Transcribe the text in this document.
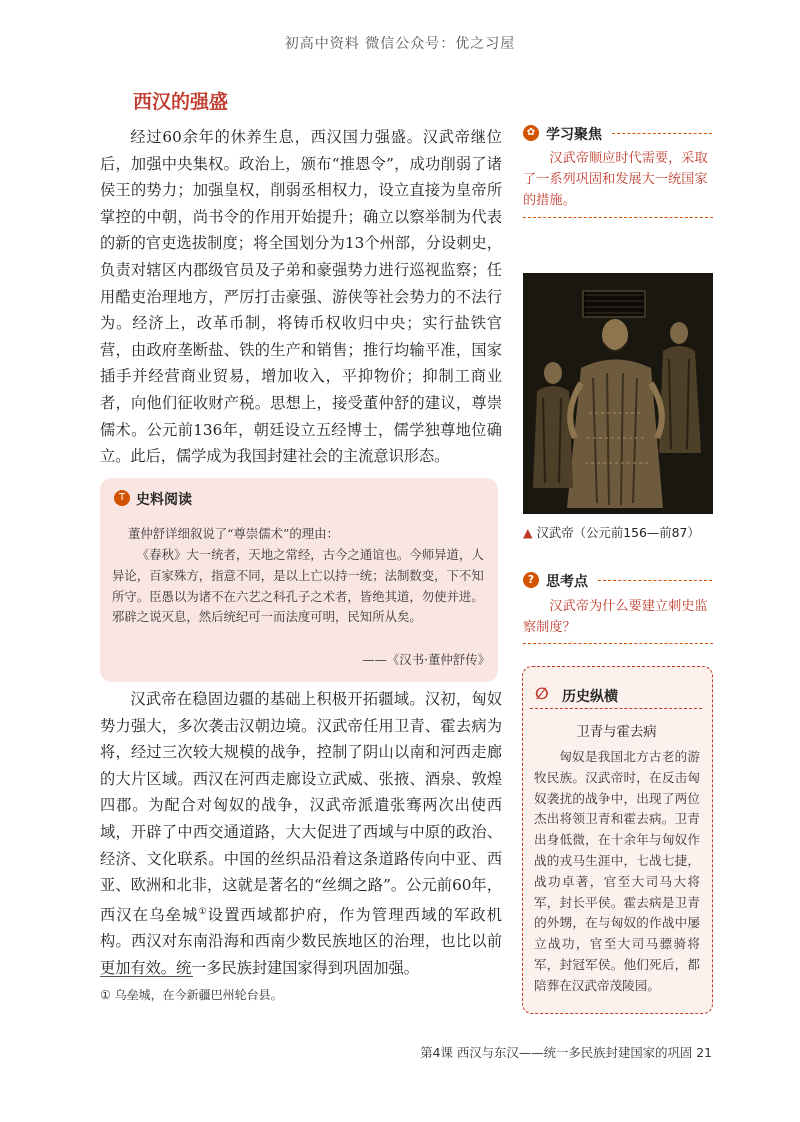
初高中资料 微信公众号：优之习屋
西汉的强盛

经过60余年的休养生息，西汉国力强盛。汉武帝继位后，加强中央集权。政治上，颁布“推恩令”，成功削弱了诸侯王的势力；加强皇权，削弱丞相权力，设立直接为皇帝所掌控的中朝，尚书令的作用开始提升；确立以察举制为代表的新的官吏选拔制度；将全国划分为13个州部，分设刺史，负责对辖区内郡级官员及子弟和豪强势力进行巡视监察；任用酷吏治理地方，严厉打击豪强、游侠等社会势力的不法行为。经济上，改革币制，将铸币权收归中央；实行盐铁官营，由政府垄断盐、铁的生产和销售；推行均输平准，国家插手并经营商业贸易，增加收入，平抑物价；抑制工商业者，向他们征收财产税。思想上，接受董仲舒的建议，尊崇儒术。公元前136年，朝廷设立五经博士，儒学独尊地位确立。此后，儒学成为我国封建社会的主流意识形态。

T 史料阅读
董仲舒详细叙说了“尊崇儒术”的理由：
《春秋》大一统者，天地之常经，古今之通谊也。今师异道，人异论，百家殊方，指意不同，是以上亡以持一统；法制数变，下不知所守。臣愚以为诸不在六艺之科孔子之术者，皆绝其道，勿使并进。邪辟之说灭息，然后统纪可一而法度可明，民知所从矣。
——《汉书·董仲舒传》

汉武帝在稳固边疆的基础上积极开拓疆域。汉初，匈奴势力强大，多次袭击汉朝边境。汉武帝任用卫青、霍去病为将，经过三次较大规模的战争，控制了阴山以南和河西走廊的大片区域。西汉在河西走廊设立武威、张掖、酒泉、敦煌四郡。为配合对匈奴的战争，汉武帝派遣张骞两次出使西域，开辟了中西交通道路，大大促进了西域与中原的政治、经济、文化联系。中国的丝织品沿着这条道路传向中亚、西亚、欧洲和北非，这就是著名的“丝绸之路”。公元前60年，西汉在乌垒城①设置西域都护府，作为管理西域的军政机构。西汉对东南沿海和西南少数民族地区的治理，也比以前更加有效。统一多民族封建国家得到巩固加强。

① 乌垒城，在今新疆巴州轮台县。
第4课 西汉与东汉——统一多民族封建国家的巩固 21
✿ 学习聚焦
汉武帝顺应时代需要，采取了一系列巩固和发展大一统国家的措施。
▲ 汉武帝（公元前156—前87）
? 思考点
汉武帝为什么要建立刺史监察制度？
∅ 历史纵横
卫青与霍去病
匈奴是我国北方古老的游牧民族。汉武帝时，在反击匈奴袭扰的战争中，出现了两位杰出将领卫青和霍去病。卫青出身低微，在十余年与匈奴作战的戎马生涯中，七战七捷，战功卓著，官至大司马大将军，封长平侯。霍去病是卫青的外甥，在与匈奴的作战中屡立战功，官至大司马骠骑将军，封冠军侯。他们死后，都陪葬在汉武帝茂陵园。
